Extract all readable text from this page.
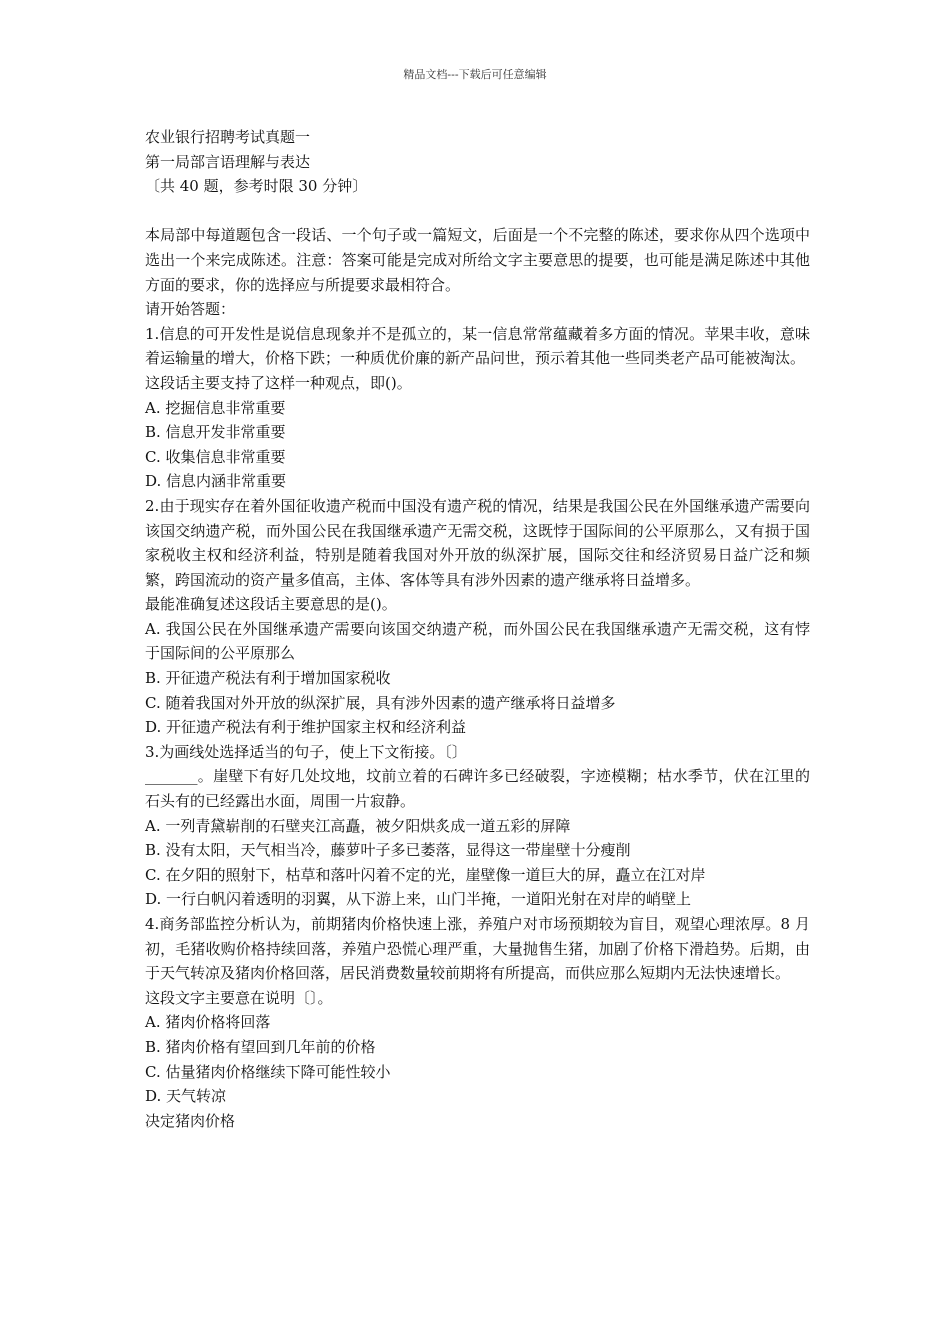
精品文档---下载后可任意编辑
农业银行招聘考试真题一
第一局部言语理解与表达
〔共 40 题，参考时限 30 分钟〕
本局部中每道题包含一段话、一个句子或一篇短文，后面是一个不完整的陈述，要求你从四个选项中选出一个来完成陈述。注意：答案可能是完成对所给文字主要意思的提要，也可能是满足陈述中其他方面的要求，你的选择应与所提要求最相符合。
请开始答题：
1.信息的可开发性是说信息现象并不是孤立的，某一信息常常蕴藏着多方面的情况。苹果丰收，意味着运输量的增大，价格下跌；一种质优价廉的新产品问世，预示着其他一些同类老产品可能被淘汰。
这段话主要支持了这样一种观点，即()。
A. 挖掘信息非常重要
B. 信息开发非常重要
C. 收集信息非常重要
D. 信息内涵非常重要
2.由于现实存在着外国征收遗产税而中国没有遗产税的情况，结果是我国公民在外国继承遗产需要向该国交纳遗产税，而外国公民在我国继承遗产无需交税，这既悖于国际间的公平原那么，又有损于国家税收主权和经济利益，特别是随着我国对外开放的纵深扩展，国际交往和经济贸易日益广泛和频繁，跨国流动的资产量多值高，主体、客体等具有涉外因素的遗产继承将日益增多。
最能准确复述这段话主要意思的是()。
A. 我国公民在外国继承遗产需要向该国交纳遗产税，而外国公民在我国继承遗产无需交税，这有悖于国际间的公平原那么
B. 开征遗产税法有利于增加国家税收
C. 随着我国对外开放的纵深扩展，具有涉外因素的遗产继承将日益增多
D. 开征遗产税法有利于维护国家主权和经济利益
3.为画线处选择适当的句子，使上下文衔接。〔〕
_______。崖壁下有好几处坟地，坟前立着的石碑许多已经破裂，字迹模糊；枯水季节，伏在江里的石头有的已经露出水面，周围一片寂静。
A. 一列青黛崭削的石壁夹江高矗，被夕阳烘炙成一道五彩的屏障
B. 没有太阳，天气相当冷，藤萝叶子多已萎落，显得这一带崖壁十分瘦削
C. 在夕阳的照射下，枯草和落叶闪着不定的光，崖壁像一道巨大的屏，矗立在江对岸
D. 一行白帆闪着透明的羽翼，从下游上来，山门半掩，一道阳光射在对岸的峭壁上
4.商务部监控分析认为，前期猪肉价格快速上涨，养殖户对市场预期较为盲目，观望心理浓厚。8 月初，毛猪收购价格持续回落，养殖户恐慌心理严重，大量抛售生猪，加剧了价格下滑趋势。后期，由于天气转凉及猪肉价格回落，居民消费数量较前期将有所提高，而供应那么短期内无法快速增长。
这段文字主要意在说明〔〕。
A. 猪肉价格将回落
B. 猪肉价格有望回到几年前的价格
C. 估量猪肉价格继续下降可能性较小
D. 天气转凉
决定猪肉价格
